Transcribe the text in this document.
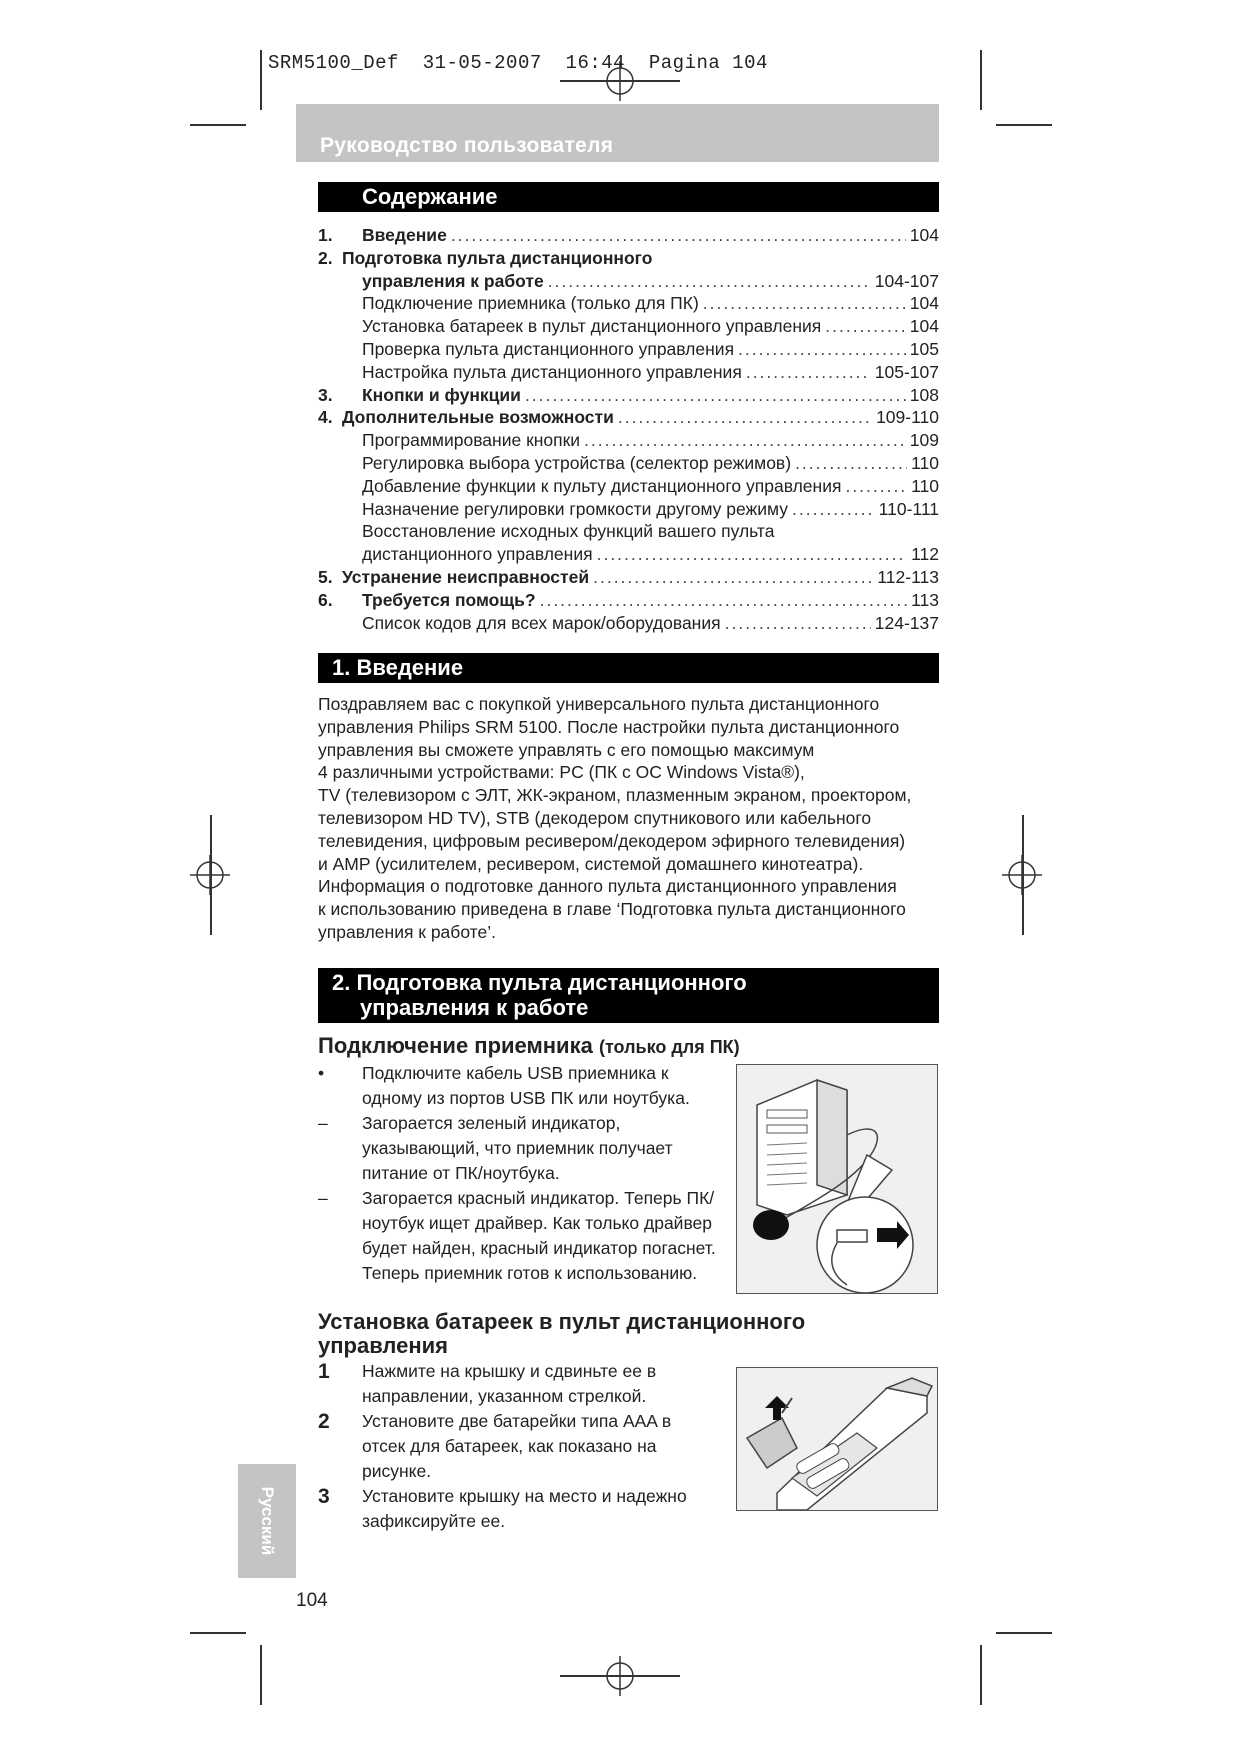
SRM5100_Def  31-05-2007  16:44  Pagina 104
Руководство пользователя
Содержание
1.	Введение .....	104
2. Подготовка пульта дистанционного
управления к работе .....	104-107
Подключение приемника (только для ПК) .....	104
Установка батареек в пульт дистанционного управления .....	104
Проверка пульта дистанционного управления .....	105
Настройка пульта дистанционного управления .....	105-107
3.	Кнопки и функции .....	108
4. Дополнительные возможности .....	109-110
Программирование кнопки .....	109
Регулировка выбора устройства (селектор режимов) .....	110
Добавление функции к пульту дистанционного управления .....	110
Назначение регулировки громкости другому режиму .....	110-111
Восстановление исходных функций вашего пульта
дистанционного управления .....	112
5. Устранение неисправностей .....	112-113
6.	Требуется помощь? .....	113
Список кодов для всех марок/оборудования .....	124-137
1. Введение

Поздравляем вас с покупкой универсального пульта дистанционного

управления Philips SRM 5100. После настройки пульта дистанционного

управления вы сможете управлять с его помощью максимум

4 различными устройствами: PC (ПК с ОС Windows Vista®),

TV (телевизором с ЭЛТ, ЖК-экраном, плазменным экраном, проектором,

телевизором HD TV), STB (декодером спутникового или кабельного

телевидения, цифровым ресивером/декодером эфирного телевидения)

и AMP (усилителем, ресивером, системой домашнего кинотеатра).

Информация о подготовке данного пульта дистанционного управления

к использованию приведена в главе ‘Подготовка пульта дистанционного

управления к работе’.

2. Подготовка пульта дистанционного
управления к работе
Подключение приемника (только для ПК)
•	Подключите кабель USB приемника к
одному из портов USB ПК или ноутбука.
–	Загорается зеленый индикатор,
указывающий, что приемник получает
питание от ПК/ноутбука.
–	Загорается красный индикатор. Теперь ПК/
ноутбук ищет драйвер. Как только драйвер
будет найден, красный индикатор погаснет.
Теперь приемник готов к использованию.
Установка батареек в пульт дистанционного
управления
1	Нажмите на крышку и сдвиньте ее в
направлении, указанном стрелкой.
2	Установите две батарейки типа AAA в
отсек для батареек, как показано на
рисунке.
3	Установите крышку на место и надежно
зафиксируйте ее.
Русский
104
